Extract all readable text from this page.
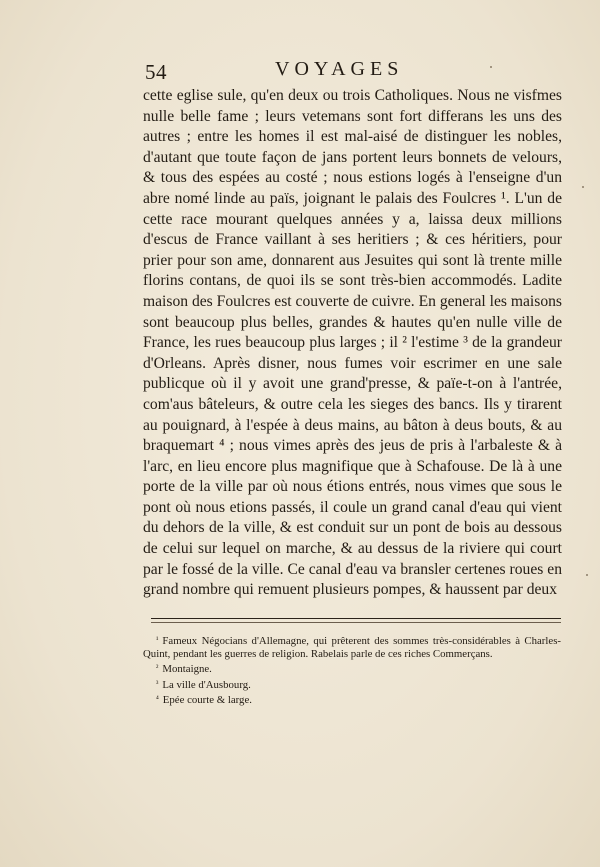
54	VOYAGES

cette eglise sule, qu'en deux ou trois Catholiques. Nous ne visfmes nulle belle fame ; leurs vetemans sont fort differans les uns des autres ; entre les homes il est mal-aisé de distinguer les nobles, d'autant que toute façon de jans portent leurs bonnets de velours, & tous des espées au costé ; nous estions logés à l'enseigne d'un abre nomé linde au païs, joignant le palais des Foulcres ¹. L'un de cette race mourant quelques années y a, laissa deux millions d'escus de France vaillant à ses heritiers ; & ces héritiers, pour prier pour son ame, donnarent aus Jesuites qui sont là trente mille florins contans, de quoi ils se sont très-bien accommodés. Ladite maison des Foulcres est couverte de cuivre. En general les maisons sont beaucoup plus belles, grandes & hautes qu'en nulle ville de France, les rues beaucoup plus larges ; il ² l'estime ³ de la grandeur d'Orleans. Après disner, nous fumes voir escrimer en une sale publicque où il y avoit une grand'presse, & païe-t-on à l'antrée, com'aus bâteleurs, & outre cela les sieges des bancs. Ils y tirarent au pouignard, à l'espée à deus mains, au bâton à deus bouts, & au braquemart ⁴ ; nous vimes après des jeus de pris à l'arbaleste & à l'arc, en lieu encore plus magnifique que à Schafouse. De là à une porte de la ville par où nous étions entrés, nous vimes que sous le pont où nous etions passés, il coule un grand canal d'eau qui vient du dehors de la ville, & est conduit sur un pont de bois au dessous de celui sur lequel on marche, & au dessus de la riviere qui court par le fossé de la ville. Ce canal d'eau va bransler certenes roues en grand nombre qui remuent plusieurs pompes, & haussent par deux

¹ Fameux Négocians d'Allemagne, qui prêterent des sommes très-considérables à Charles-Quint, pendant les guerres de religion. Rabelais parle de ces riches Commerçans.

² Montaigne.

³ La ville d'Ausbourg.

⁴ Epée courte & large.
